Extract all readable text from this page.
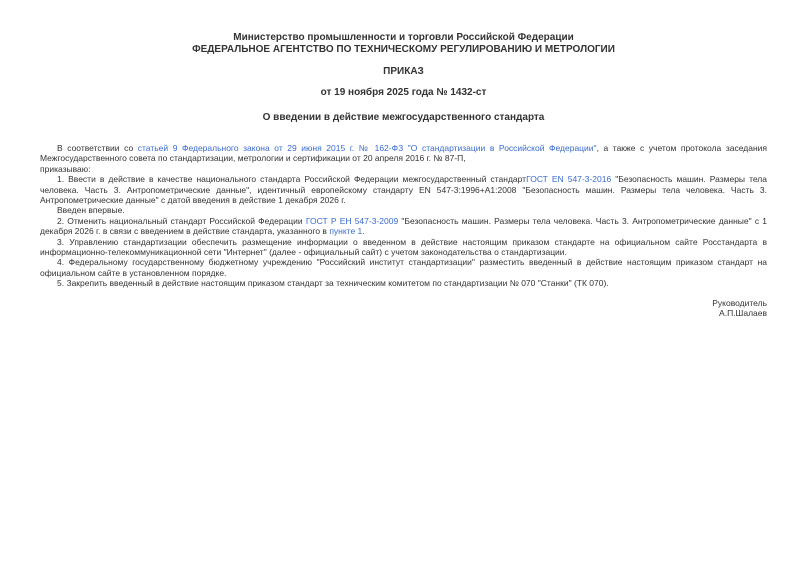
Министерство промышленности и торговли Российской Федерации
ФЕДЕРАЛЬНОЕ АГЕНТСТВО ПО ТЕХНИЧЕСКОМУ РЕГУЛИРОВАНИЮ И МЕТРОЛОГИИ
ПРИКАЗ
от 19 ноября 2025 года № 1432-ст
О введении в действие межгосударственного стандарта

В соответствии со статьей 9 Федерального закона от 29 июня 2015 г. № 162-ФЗ "О стандартизации в Российской Федерации", а также с учетом протокола заседания Межгосударственного совета по стандартизации, метрологии и сертификации от 20 апреля 2016 г. № 87-П,

приказываю:

1. Ввести в действие в качестве национального стандарта Российской Федерации межгосударственный стандартГОСТ EN 547-3-2016 "Безопасность машин. Размеры тела человека. Часть 3. Антропометрические данные", идентичный европейскому стандарту EN 547-3:1996+A1:2008 "Безопасность машин. Размеры тела человека. Часть 3. Антропометрические данные" с датой введения в действие 1 декабря 2026 г.

Введен впервые.

2. Отменить национальный стандарт Российской Федерации ГОСТ Р ЕН 547-3-2009 "Безопасность машин. Размеры тела человека. Часть 3. Антропометрические данные" с 1 декабря 2026 г. в связи с введением в действие стандарта, указанного в пункте 1.

3. Управлению стандартизации обеспечить размещение информации о введенном в действие настоящим приказом стандарте на официальном сайте Росстандарта в информационно-телекоммуникационной сети "Интернет" (далее - официальный сайт) с учетом законодательства о стандартизации.

4. Федеральному государственному бюджетному учреждению "Российский институт стандартизации" разместить введенный в действие настоящим приказом стандарт на официальном сайте в установленном порядке.

5. Закрепить введенный в действие настоящим приказом стандарт за техническим комитетом по стандартизации № 070 "Станки" (ТК 070).

Руководитель

А.П.Шалаев
